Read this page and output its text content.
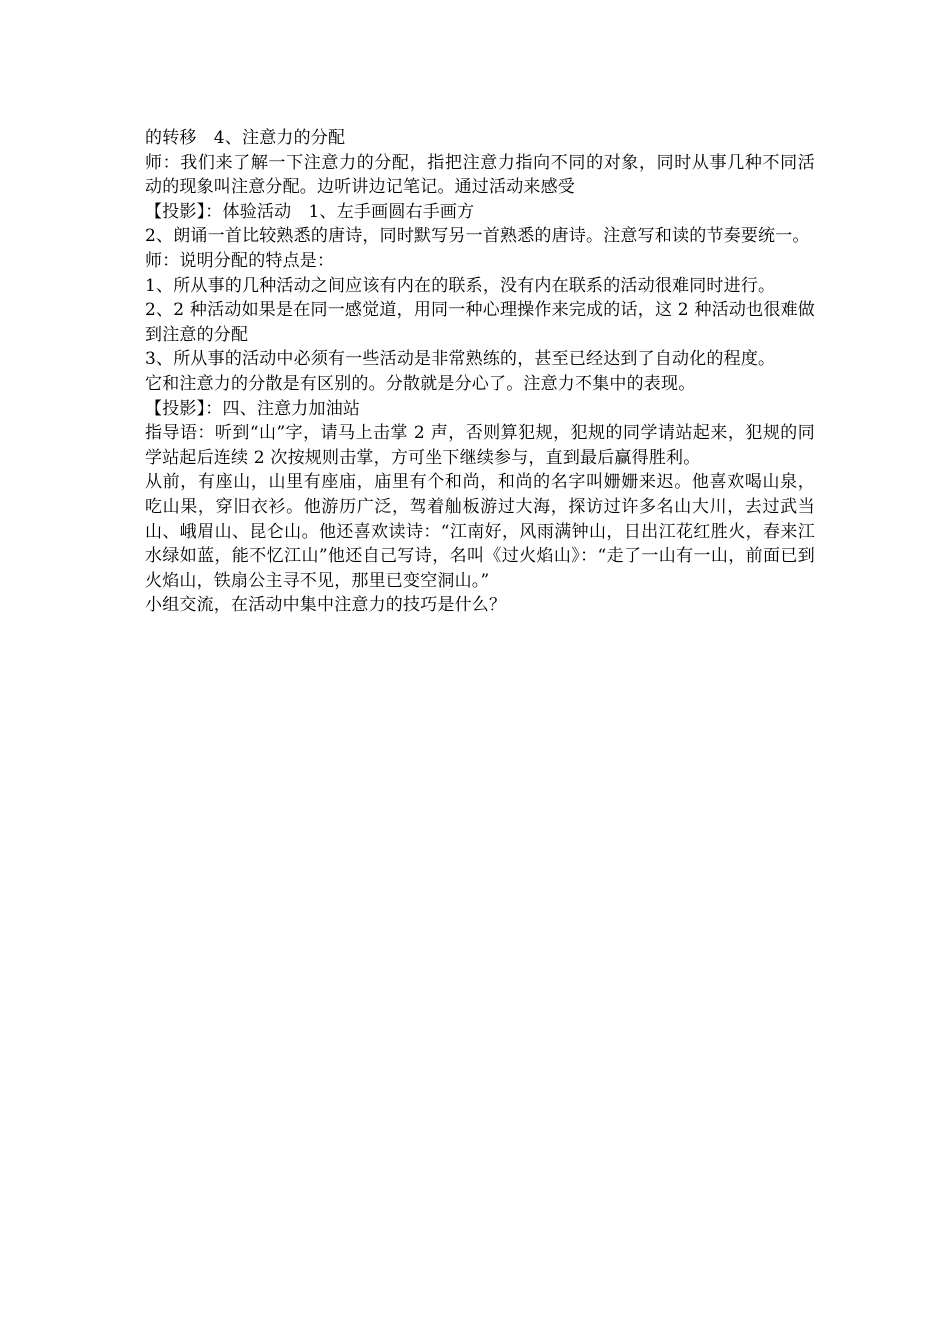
的转移　4、注意力的分配

师：我们来了解一下注意力的分配，指把注意力指向不同的对象，同时从事几种不同活动的现象叫注意分配。边听讲边记笔记。通过活动来感受

【投影】：体验活动　1、左手画圆右手画方

2、朗诵一首比较熟悉的唐诗，同时默写另一首熟悉的唐诗。注意写和读的节奏要统一。

师：说明分配的特点是：

1、所从事的几种活动之间应该有内在的联系，没有内在联系的活动很难同时进行。

2、2 种活动如果是在同一感觉道，用同一种心理操作来完成的话，这 2 种活动也很难做到注意的分配

3、所从事的活动中必须有一些活动是非常熟练的，甚至已经达到了自动化的程度。

它和注意力的分散是有区别的。分散就是分心了。注意力不集中的表现。

【投影】：四、注意力加油站

指导语：听到“山”字，请马上击掌 2 声，否则算犯规，犯规的同学请站起来，犯规的同学站起后连续 2 次按规则击掌，方可坐下继续参与，直到最后赢得胜利。

从前，有座山，山里有座庙，庙里有个和尚，和尚的名字叫姗姗来迟。他喜欢喝山泉，吃山果，穿旧衣衫。他游历广泛，驾着舢板游过大海，探访过许多名山大川，去过武当山、峨眉山、昆仑山。他还喜欢读诗：“江南好，风雨满钟山，日出江花红胜火，春来江水绿如蓝，能不忆江山”他还自己写诗，名叫《过火焰山》：“走了一山有一山，前面已到火焰山，铁扇公主寻不见，那里已变空洞山。”

小组交流，在活动中集中注意力的技巧是什么？
